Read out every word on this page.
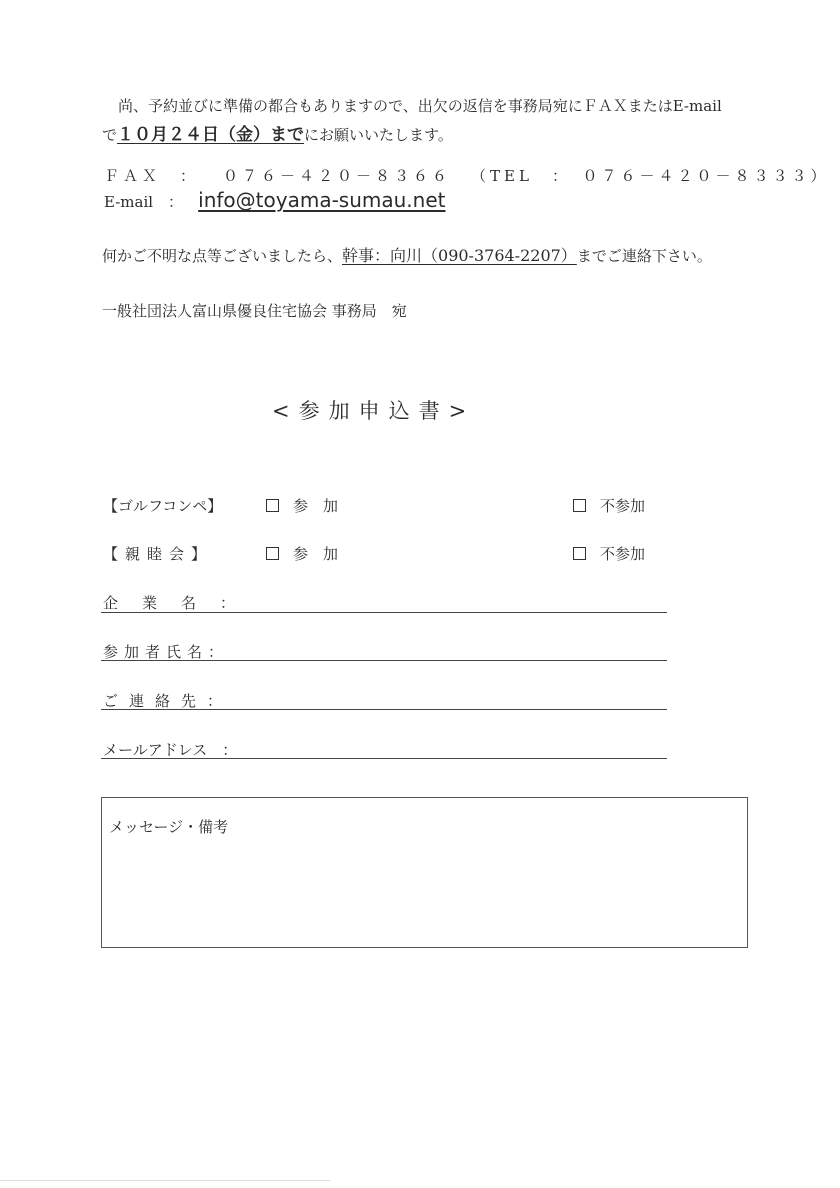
尚、予約並びに準備の都合もありますので、出欠の返信を事務局宛にＦＡＸまたはE-mail
で１０月２４日（金）までにお願いいたします。
ＦＡＸ　： ０７６－４２０－８３６６ （TEL　：　０７６－４２０－８３３３）
E-mail　： info@toyama-sumau.net
何かご不明な点等ございましたら、幹事：向川（090-3764-2207）までご連絡下さい。
一般社団法人富山県優良住宅協会 事務局　宛
<参加申込書>
【ゴルフコンペ】	参　加	不参加
【親睦会】	参　加	不参加
企業名：
参加者氏名：
ご連絡先：
メールアドレス　：
メッセージ・備考
